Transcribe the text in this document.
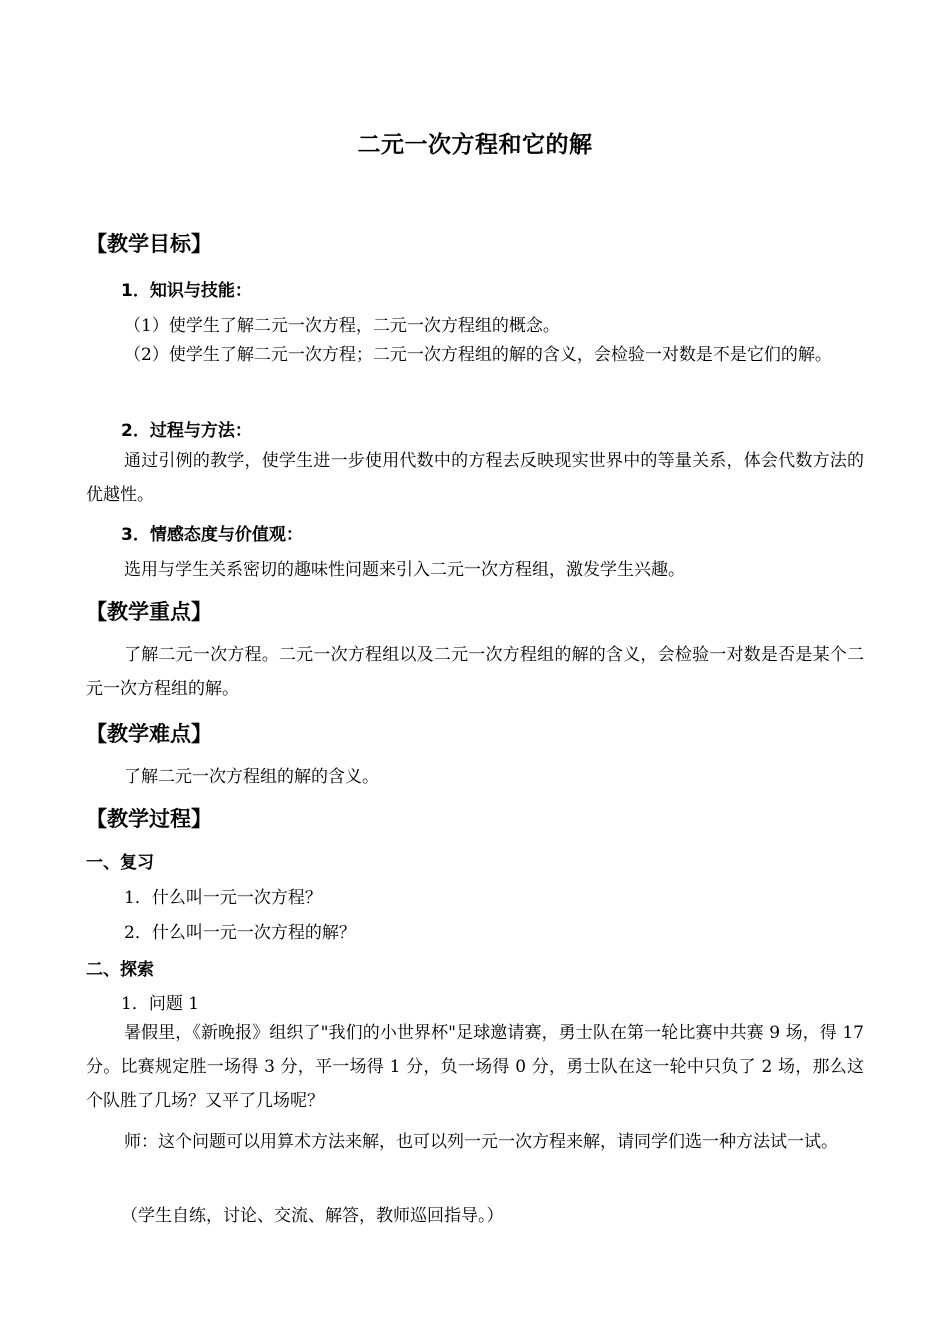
二元一次方程和它的解
【教学目标】
1．知识与技能：
（1）使学生了解二元一次方程，二元一次方程组的概念。
（2）使学生了解二元一次方程；二元一次方程组的解的含义，会检验一对数是不是它们的解。
2．过程与方法：
通过引例的教学，使学生进一步使用代数中的方程去反映现实世界中的等量关系，体会代数方法的优越性。
3．情感态度与价值观：
选用与学生关系密切的趣味性问题来引入二元一次方程组，激发学生兴趣。
【教学重点】
了解二元一次方程。二元一次方程组以及二元一次方程组的解的含义，会检验一对数是否是某个二元一次方程组的解。
【教学难点】
了解二元一次方程组的解的含义。
【教学过程】
一、复习
1．什么叫一元一次方程？
2．什么叫一元一次方程的解？
二、探索
1．问题 1
暑假里，《新晚报》组织了"我们的小世界杯"足球邀请赛，勇士队在第一轮比赛中共赛 9 场，得 17 分。比赛规定胜一场得 3 分，平一场得 1 分，负一场得 0 分，勇士队在这一轮中只负了 2 场，那么这个队胜了几场？又平了几场呢？
师：这个问题可以用算术方法来解，也可以列一元一次方程来解，请同学们选一种方法试一试。
（学生自练，讨论、交流、解答，教师巡回指导。）
